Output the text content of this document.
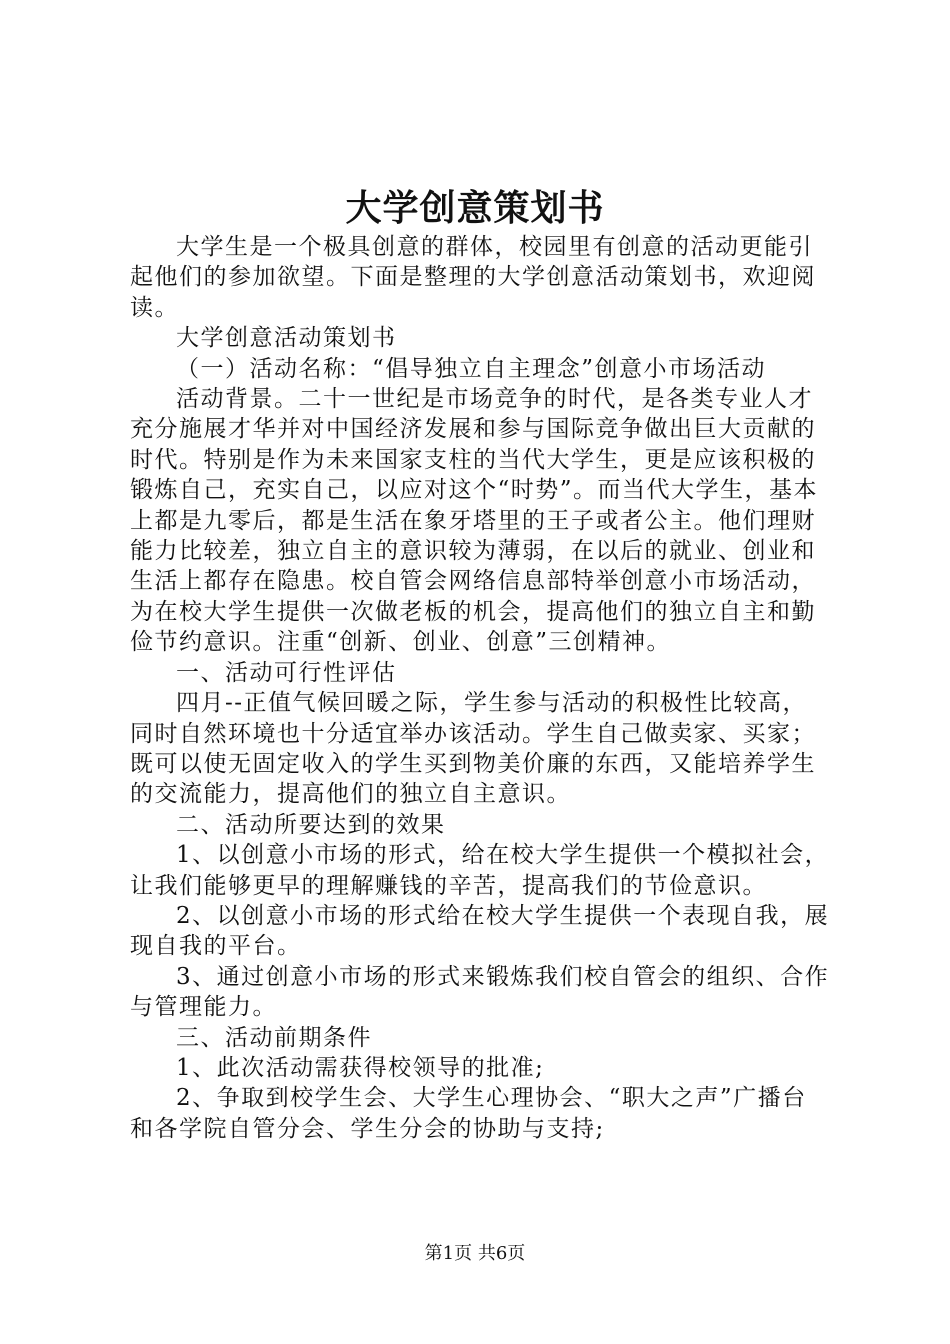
大学创意策划书

大学生是一个极具创意的群体，校园里有创意的活动更能引起他们的参加欲望。下面是整理的大学创意活动策划书，欢迎阅读。

大学创意活动策划书

（一）活动名称：“倡导独立自主理念”创意小市场活动

活动背景。二十一世纪是市场竞争的时代，是各类专业人才充分施展才华并对中国经济发展和参与国际竞争做出巨大贡献的时代。特别是作为未来国家支柱的当代大学生，更是应该积极的锻炼自己，充实自己，以应对这个“时势”。而当代大学生，基本上都是九零后，都是生活在象牙塔里的王子或者公主。他们理财能力比较差，独立自主的意识较为薄弱，在以后的就业、创业和生活上都存在隐患。校自管会网络信息部特举创意小市场活动，为在校大学生提供一次做老板的机会，提高他们的独立自主和勤俭节约意识。注重“创新、创业、创意”三创精神。

一、活动可行性评估

四月--正值气候回暖之际，学生参与活动的积极性比较高，同时自然环境也十分适宜举办该活动。学生自己做卖家、买家；既可以使无固定收入的学生买到物美价廉的东西，又能培养学生的交流能力，提高他们的独立自主意识。

二、活动所要达到的效果

1、以创意小市场的形式，给在校大学生提供一个模拟社会，让我们能够更早的理解赚钱的辛苦，提高我们的节俭意识。

2、以创意小市场的形式给在校大学生提供一个表现自我，展现自我的平台。

3、通过创意小市场的形式来锻炼我们校自管会的组织、合作与管理能力。

三、活动前期条件

1、此次活动需获得校领导的批准;

2、争取到校学生会、大学生心理协会、“职大之声”广播台和各学院自管分会、学生分会的协助与支持;

第1页 共6页
